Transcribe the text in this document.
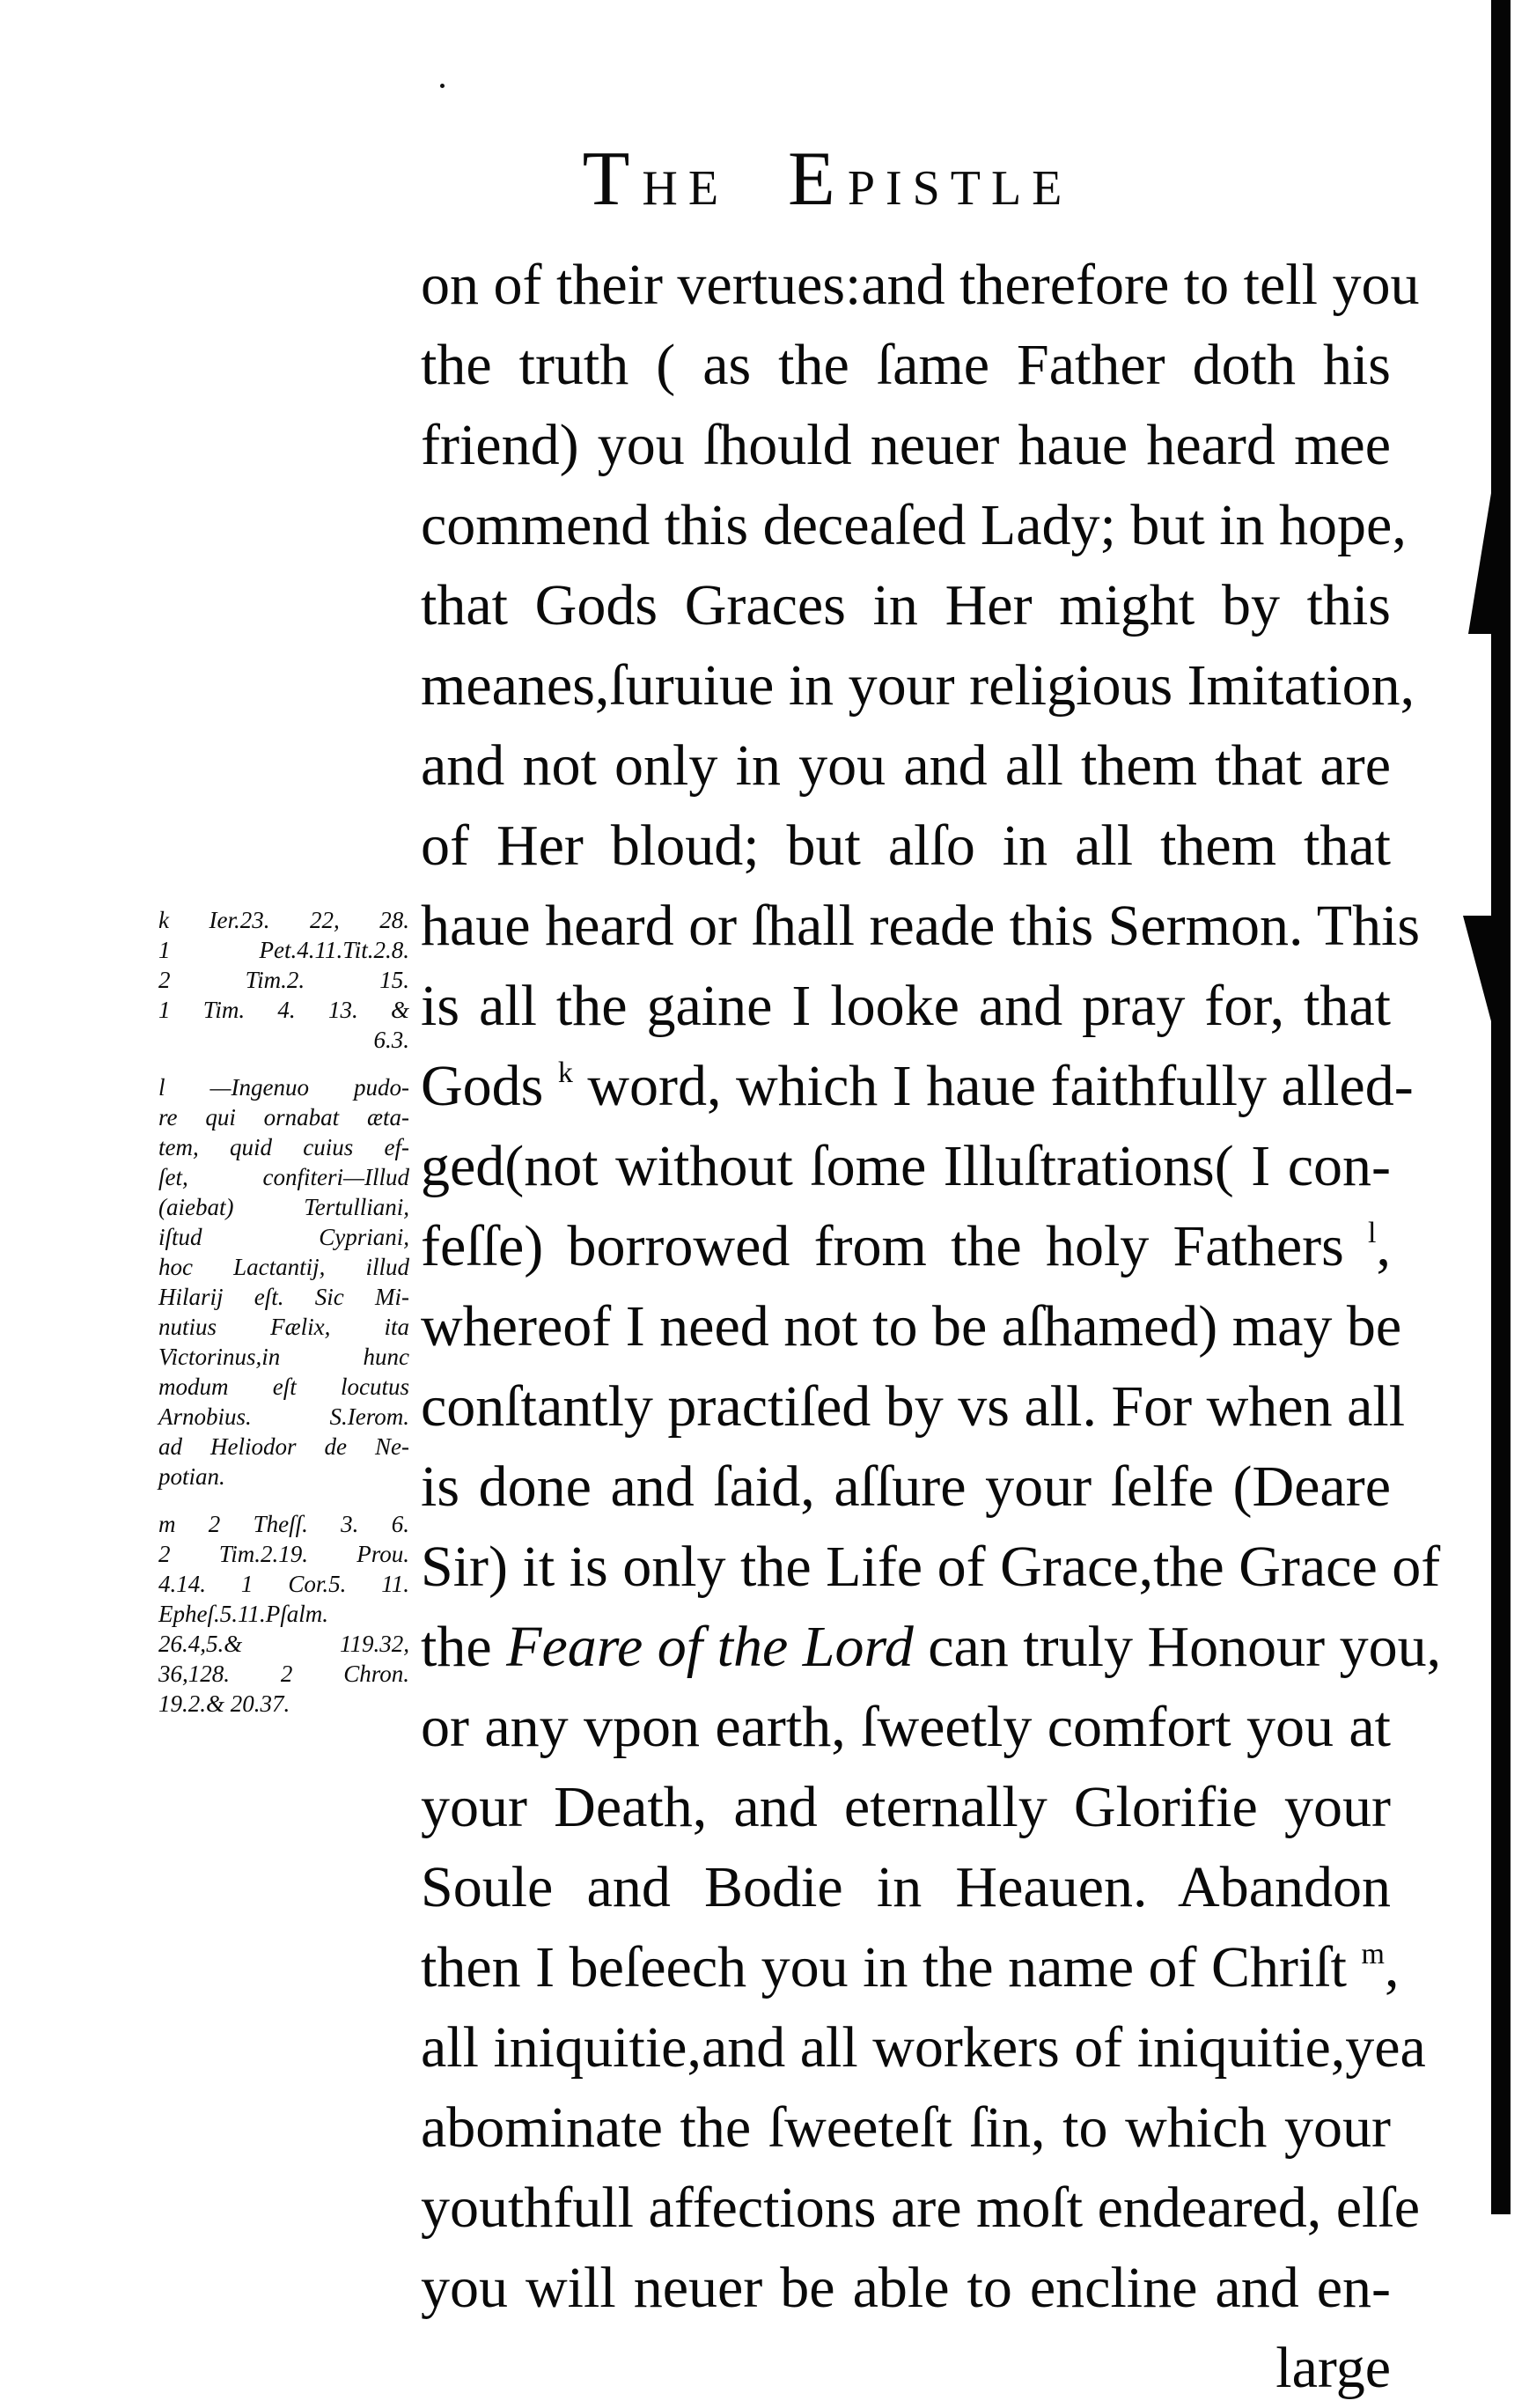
THE EPISTLE
on of their vertues:and therefore to tell you
the truth ( as the ſame Father doth his
friend) you ſhould neuer haue heard mee
commend this deceaſed Lady; but in hope,
that Gods Graces in Her might by this
meanes,ſuruiue in your religious Imitation,
and not only in you and all them that are
of Her bloud; but alſo in all them that
haue heard or ſhall reade this Sermon. This
is all the gaine I looke and pray for, that
Gods $^k$ word, which I haue faithfully alled-
ged(not without ſome Illuſtrations( I con-
feſſe) borrowed from the holy Fathers $^l$,
whereof I need not to be aſhamed) may be
conſtantly practiſed by vs all. For when all
is done and ſaid, aſſure your ſelfe (Deare
Sir) it is only the Life of Grace,the Grace of
the Feare of the Lord can truly Honour you,
or any vpon earth, ſweetly comfort you at
your Death, and eternally Glorifie your
Soule and Bodie in Heauen. Abandon
then I beſeech you in the name of Chriſt $^m$,
all iniquitie,and all workers of iniquitie,yea
abominate the ſweeteſt ſin, to which your
youthfull affections are moſt endeared, elſe
you will neuer be able to encline and en-
large
k Ier.23. 22, 28.
1 Pet.4.11.Tit.2.8.
2 Tim.2. 15.
1 Tim. 4. 13. &
6.3.
l —Ingenuo pudo-
re qui ornabat æta-
tem, quid cuius ef-
ſet, confiteri—Illud
(aiebat) Tertulliani,
iſtud Cypriani,
hoc Lactantij, illud
Hilarij eſt. Sic Mi-
nutius Fælix, ita
Victorinus,in hunc
modum eſt locutus
Arnobius. S.Ierom.
ad Heliodor de Ne-
potian.
m 2 Theſſ. 3. 6.
2 Tim.2.19. Prou.
4.14. 1 Cor.5. 11.
Epheſ.5.11.Pſalm.
26.4,5.& 119.32,
36,128. 2 Chron.
19.2.& 20.37.
